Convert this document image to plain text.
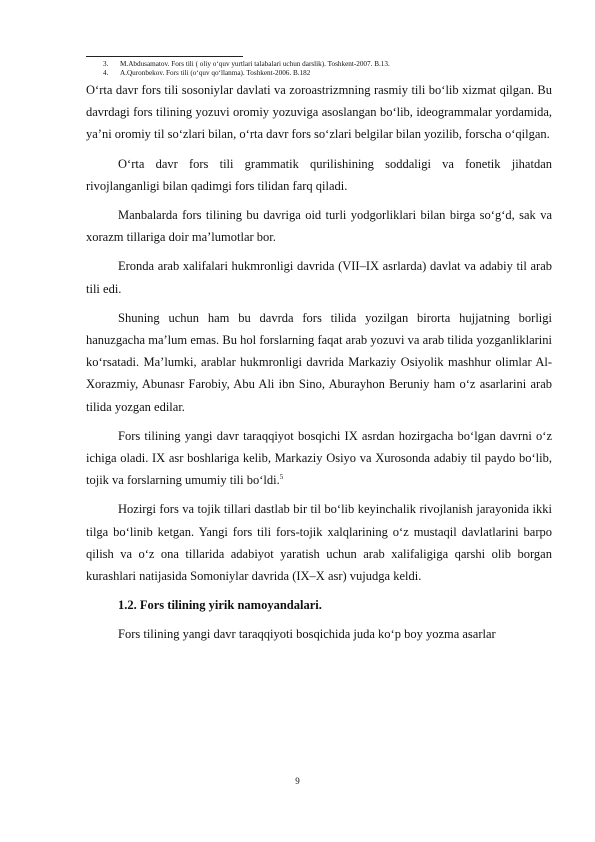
3.	M.Abdusamatov. Fors tili ( oliy o‘quv yurtlari talabalari uchun darslik). Toshkent-2007. B.13.
4.	A.Quronbekov. Fors tili (o‘quv qo‘llanma). Toshkent-2006. B.182

O‘rta davr fors tili sosoniylar davlati va zoroastrizmning rasmiy tili bo‘lib xizmat qilgan. Bu davrdagi fors tilining yozuvi oromiy yozuviga asoslangan bo‘lib, ideogrammalar yordamida, ya’ni oromiy til so‘zlari bilan, o‘rta davr fors so‘zlari belgilar bilan yozilib, forscha o‘qilgan.

O‘rta davr fors tili grammatik qurilishining soddaligi va fonetik jihatdan rivojlanganligi bilan qadimgi fors tilidan farq qiladi.

Manbalarda fors tilining bu davriga oid turli yodgorliklari bilan birga so‘g‘d, sak va xorazm tillariga doir ma’lumotlar bor.

Eronda arab xalifalari hukmronligi davrida (VII–IX asrlarda) davlat va adabiy til arab tili edi.

Shuning uchun ham bu davrda fors tilida yozilgan birorta hujjatning borligi hanuzgacha ma’lum emas. Bu hol forslarning faqat arab yozuvi va arab tilida yozganliklarini ko‘rsatadi. Ma’lumki, arablar hukmronligi davrida Markaziy Osiyolik mashhur olimlar Al-Xorazmiy, Abunasr Farobiy, Abu Ali ibn Sino, Aburayhon Beruniy ham o‘z asarlarini arab tilida yozgan edilar.

Fors tilining yangi davr taraqqiyot bosqichi IX asrdan hozirgacha bo‘lgan davrni o‘z ichiga oladi. IX asr boshlariga kelib, Markaziy Osiyo va Xurosonda adabiy til paydo bo‘lib, tojik va forslarning umumiy tili bo‘ldi.$^5$

Hozirgi fors va tojik tillari dastlab bir til bo‘lib keyinchalik rivojlanish jarayonida ikki tilga bo‘linib ketgan. Yangi fors tili fors-tojik xalqlarining o‘z mustaqil davlatlarini barpo qilish va o‘z ona tillarida adabiyot yaratish uchun arab xalifaligiga qarshi olib borgan kurashlari natijasida Somoniylar davrida (IX–X asr) vujudga keldi.

1.2. Fors tilining yirik namoyandalari.

Fors tilining yangi davr taraqqiyoti bosqichida juda ko‘p boy yozma asarlar

9
